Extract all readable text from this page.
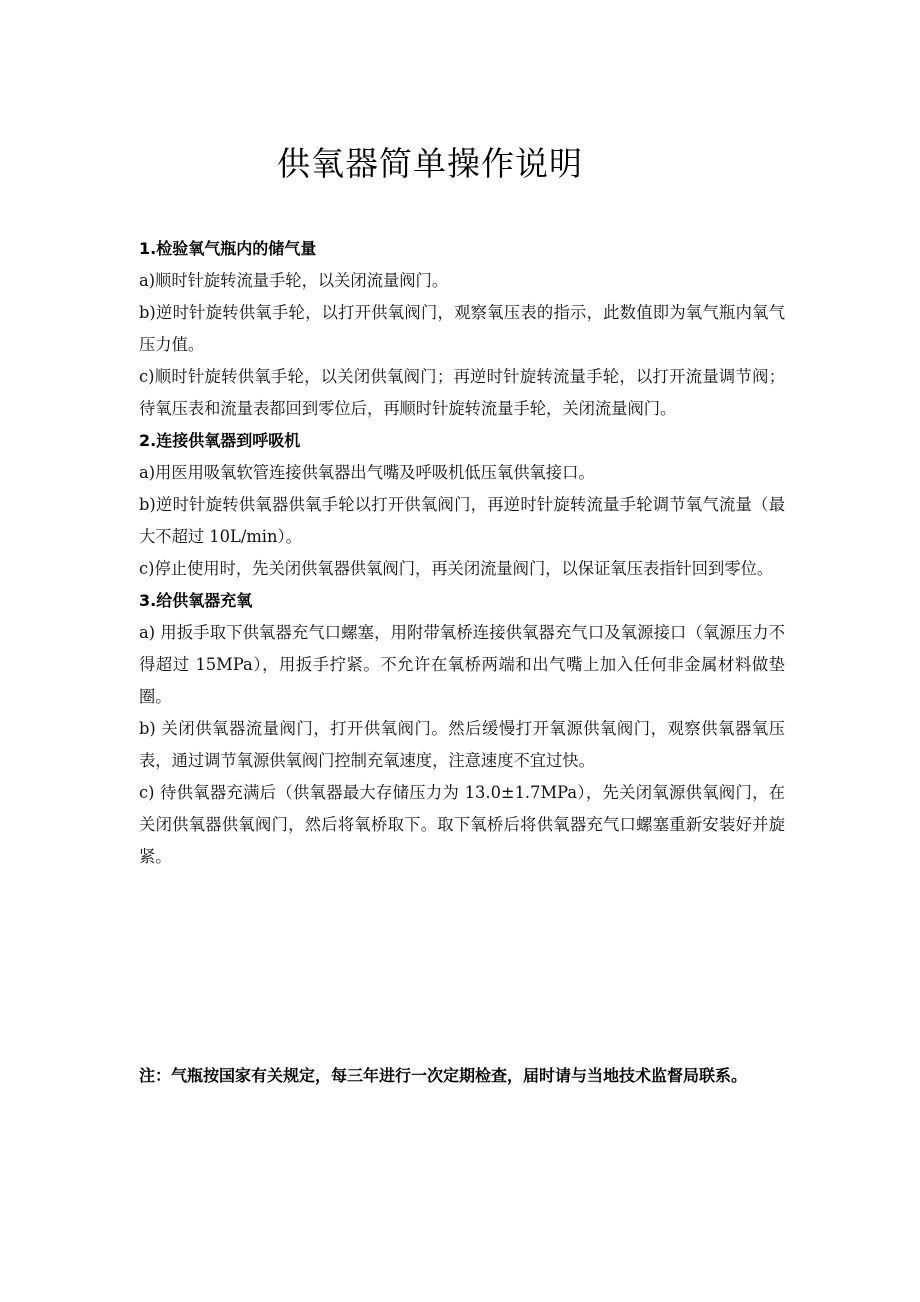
供氧器简单操作说明
1.检验氧气瓶内的储气量

a)顺时针旋转流量手轮，以关闭流量阀门。

b)逆时针旋转供氧手轮，以打开供氧阀门，观察氧压表的指示，此数值即为氧气瓶内氧气压力值。

c)顺时针旋转供氧手轮，以关闭供氧阀门；再逆时针旋转流量手轮，以打开流量调节阀；待氧压表和流量表都回到零位后，再顺时针旋转流量手轮，关闭流量阀门。

2.连接供氧器到呼吸机

a)用医用吸氧软管连接供氧器出气嘴及呼吸机低压氧供氧接口。

b)逆时针旋转供氧器供氧手轮以打开供氧阀门，再逆时针旋转流量手轮调节氧气流量（最大不超过 10L/min）。

c)停止使用时，先关闭供氧器供氧阀门，再关闭流量阀门，以保证氧压表指针回到零位。

3.给供氧器充氧

a) 用扳手取下供氧器充气口螺塞，用附带氧桥连接供氧器充气口及氧源接口（氧源压力不得超过 15MPa），用扳手拧紧。不允许在氧桥两端和出气嘴上加入任何非金属材料做垫圈。

b) 关闭供氧器流量阀门，打开供氧阀门。然后缓慢打开氧源供氧阀门，观察供氧器氧压表，通过调节氧源供氧阀门控制充氧速度，注意速度不宜过快。

c) 待供氧器充满后（供氧器最大存储压力为 13.0±1.7MPa），先关闭氧源供氧阀门，在关闭供氧器供氧阀门，然后将氧桥取下。取下氧桥后将供氧器充气口螺塞重新安装好并旋紧。

注：气瓶按国家有关规定，每三年进行一次定期检查，届时请与当地技术监督局联系。
